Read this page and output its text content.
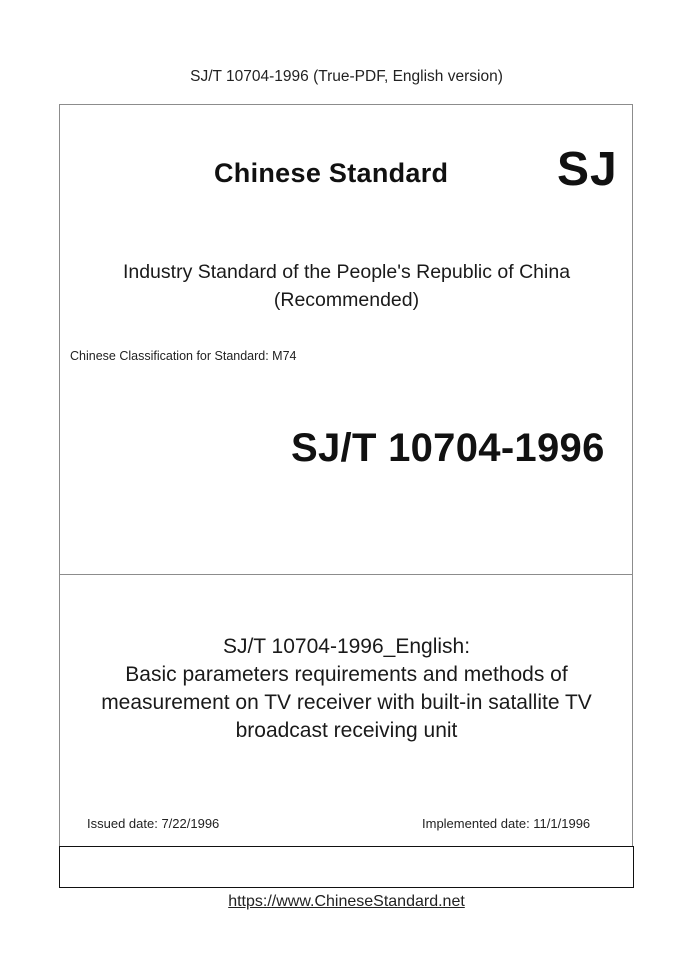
SJ/T 10704-1996 (True-PDF, English version)
Chinese Standard SJ
Industry Standard of the People's Republic of China
(Recommended)
Chinese Classification for Standard: M74
SJ/T 10704-1996
SJ/T 10704-1996_English:
Basic parameters requirements and methods of
measurement on TV receiver with built-in satallite TV
broadcast receiving unit
Issued date: 7/22/1996	Implemented date: 11/1/1996
https://www.ChineseStandard.net
